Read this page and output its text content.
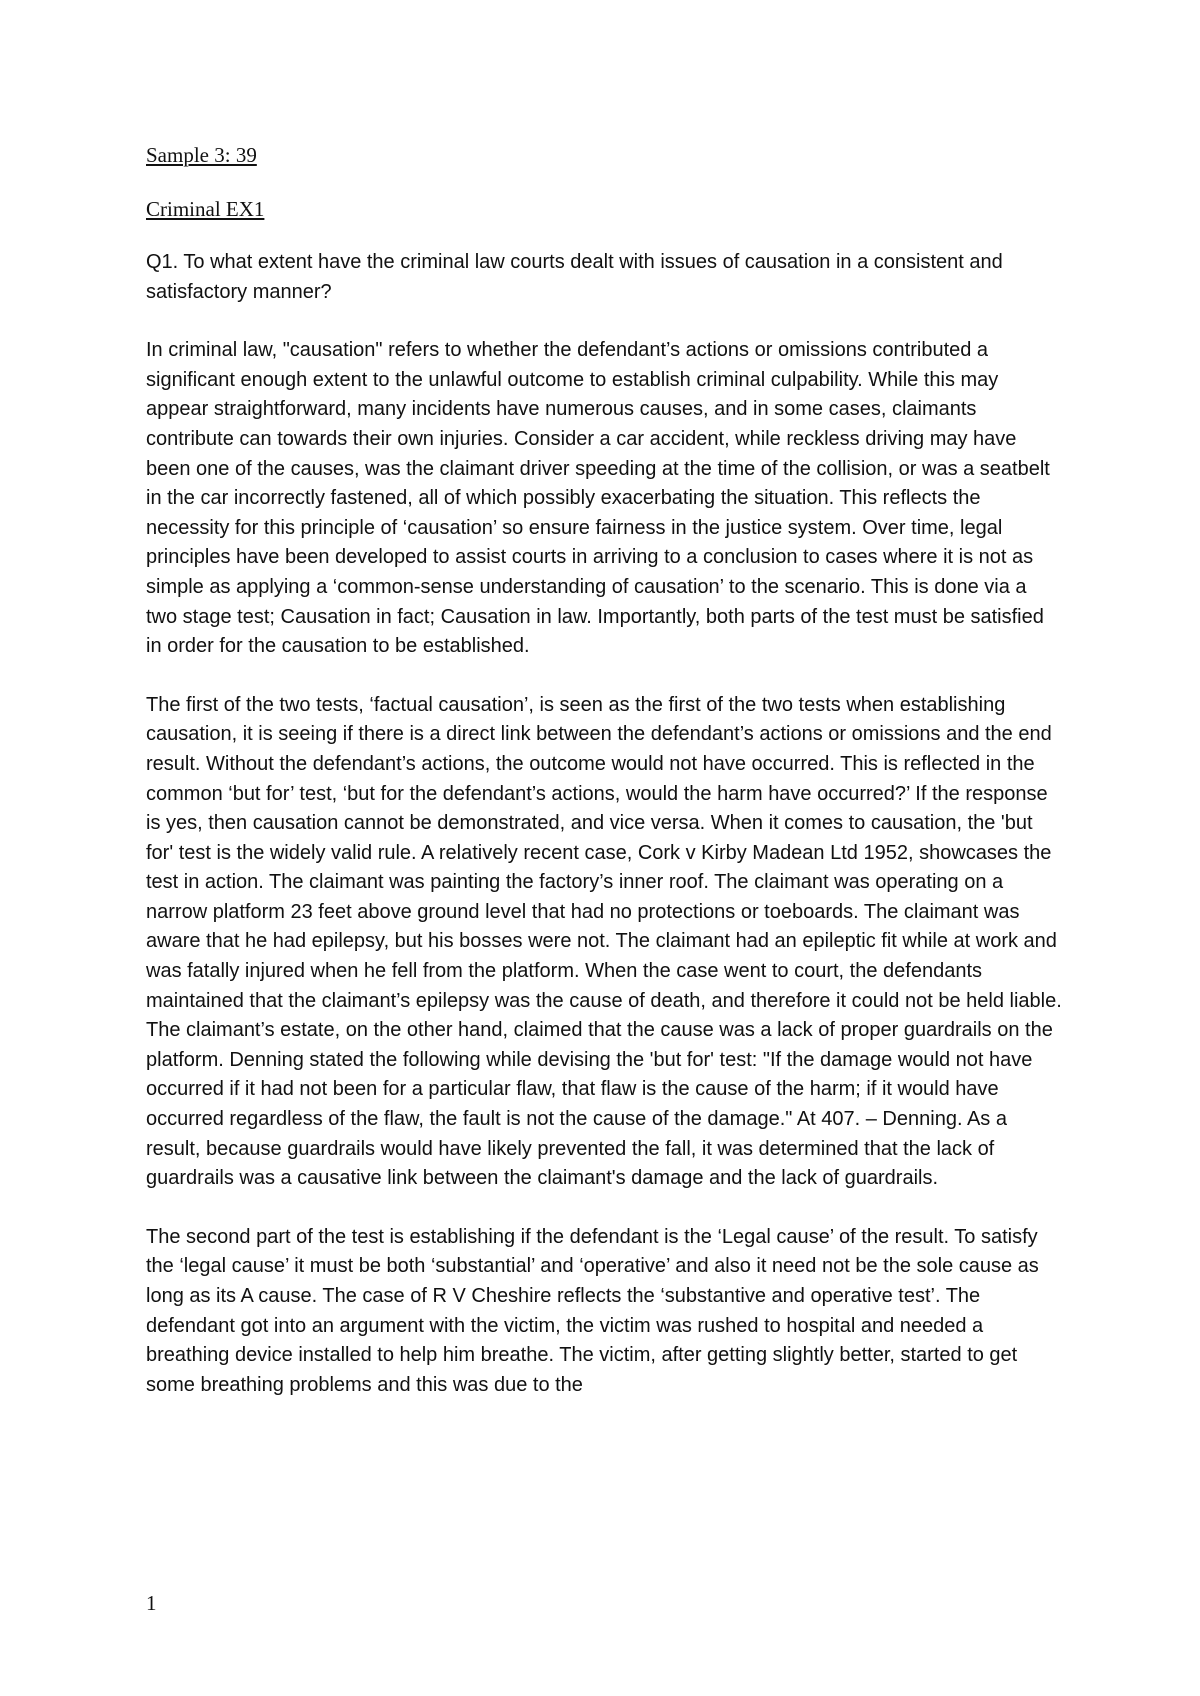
Sample 3: 39

Criminal EX1

Q1. To what extent have the criminal law courts dealt with issues of causation in a consistent and satisfactory manner?

In criminal law, "causation" refers to whether the defendant’s actions or omissions contributed a significant enough extent to the unlawful outcome to establish criminal culpability. While this may appear straightforward, many incidents have numerous causes, and in some cases, claimants contribute can towards their own injuries. Consider a car accident, while reckless driving may have been one of the causes, was the claimant driver speeding at the time of the collision, or was a seatbelt in the car incorrectly fastened, all of which possibly exacerbating the situation. This reflects the necessity for this principle of ‘causation’ so ensure fairness in the justice system. Over time, legal principles have been developed to assist courts in arriving to a conclusion to cases where it is not as simple as applying a ‘common-sense understanding of causation’ to the scenario. This is done via a two stage test; Causation in fact; Causation in law. Importantly, both parts of the test must be satisfied in order for the causation to be established.

The first of the two tests, ‘factual causation’, is seen as the first of the two tests when establishing causation, it is seeing if there is a direct link between the defendant’s actions or omissions and the end result. Without the defendant’s actions, the outcome would not have occurred. This is reflected in the common ‘but for’ test, ‘but for the defendant’s actions, would the harm have occurred?’ If the response is yes, then causation cannot be demonstrated, and vice versa. When it comes to causation, the 'but for' test is the widely valid rule. A relatively recent case, Cork v Kirby Madean Ltd 1952, showcases the test in action. The claimant was painting the factory’s inner roof. The claimant was operating on a narrow platform 23 feet above ground level that had no protections or toeboards. The claimant was aware that he had epilepsy, but his bosses were not. The claimant had an epileptic fit while at work and was fatally injured when he fell from the platform. When the case went to court, the defendants maintained that the claimant’s epilepsy was the cause of death, and therefore it could not be held liable. The claimant’s estate, on the other hand, claimed that the cause was a lack of proper guardrails on the platform. Denning stated the following while devising the 'but for' test: "If the damage would not have occurred if it had not been for a particular flaw, that flaw is the cause of the harm; if it would have occurred regardless of the flaw, the fault is not the cause of the damage." At 407. – Denning. As a result, because guardrails would have likely prevented the fall, it was determined that the lack of guardrails was a causative link between the claimant's damage and the lack of guardrails.

The second part of the test is establishing if the defendant is the ‘Legal cause’ of the result. To satisfy the ‘legal cause’ it must be both ‘substantial’ and ‘operative’ and also it need not be the sole cause as long as its A cause. The case of R V Cheshire reflects the ‘substantive and operative test’. The defendant got into an argument with the victim, the victim was rushed to hospital and needed a breathing device installed to help him breathe. The victim, after getting slightly better, started to get some breathing problems and this was due to the

1
